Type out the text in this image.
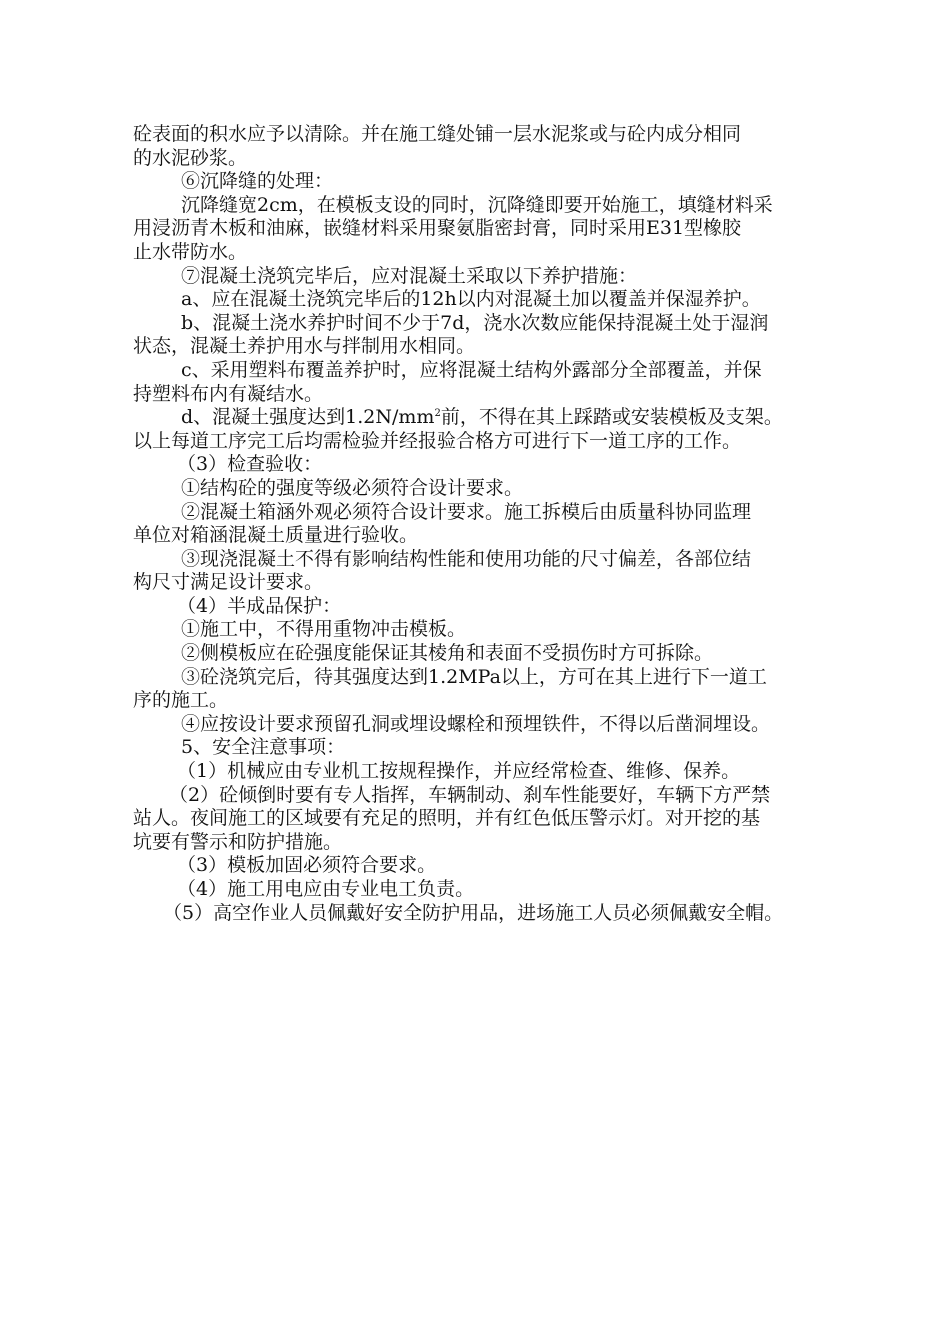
砼表面的积水应予以清除。并在施工缝处铺一层水泥浆或与砼内成分相同
的水泥砂浆。
⑥沉降缝的处理：
沉降缝宽2cm，在模板支设的同时，沉降缝即要开始施工，填缝材料采
用浸沥青木板和油麻，嵌缝材料采用聚氨脂密封膏，同时采用E31型橡胶
止水带防水。
⑦混凝土浇筑完毕后，应对混凝土采取以下养护措施：
a、应在混凝土浇筑完毕后的12h以内对混凝土加以覆盖并保湿养护。
b、混凝土浇水养护时间不少于7d，浇水次数应能保持混凝土处于湿润
状态，混凝土养护用水与拌制用水相同。
c、采用塑料布覆盖养护时，应将混凝土结构外露部分全部覆盖，并保
持塑料布内有凝结水。
d、混凝土强度达到$1.2N/mm^2$前，不得在其上踩踏或安装模板及支架。
以上每道工序完工后均需检验并经报验合格方可进行下一道工序的工作。
（3）检查验收：
①结构砼的强度等级必须符合设计要求。
②混凝土箱涵外观必须符合设计要求。施工拆模后由质量科协同监理
单位对箱涵混凝土质量进行验收。
③现浇混凝土不得有影响结构性能和使用功能的尺寸偏差，各部位结
构尺寸满足设计要求。
（4）半成品保护：
①施工中，不得用重物冲击模板。
②侧模板应在砼强度能保证其棱角和表面不受损伤时方可拆除。
③砼浇筑完后，待其强度达到1.2MPa以上，方可在其上进行下一道工
序的施工。
④应按设计要求预留孔洞或埋设螺栓和预埋铁件，不得以后凿洞埋设。
5、安全注意事项：
（1）机械应由专业机工按规程操作，并应经常检查、维修、保养。
（2）砼倾倒时要有专人指挥，车辆制动、刹车性能要好，车辆下方严禁
站人。夜间施工的区域要有充足的照明，并有红色低压警示灯。对开挖的基
坑要有警示和防护措施。
（3）模板加固必须符合要求。
（4）施工用电应由专业电工负责。
（5）高空作业人员佩戴好安全防护用品，进场施工人员必须佩戴安全帽。
